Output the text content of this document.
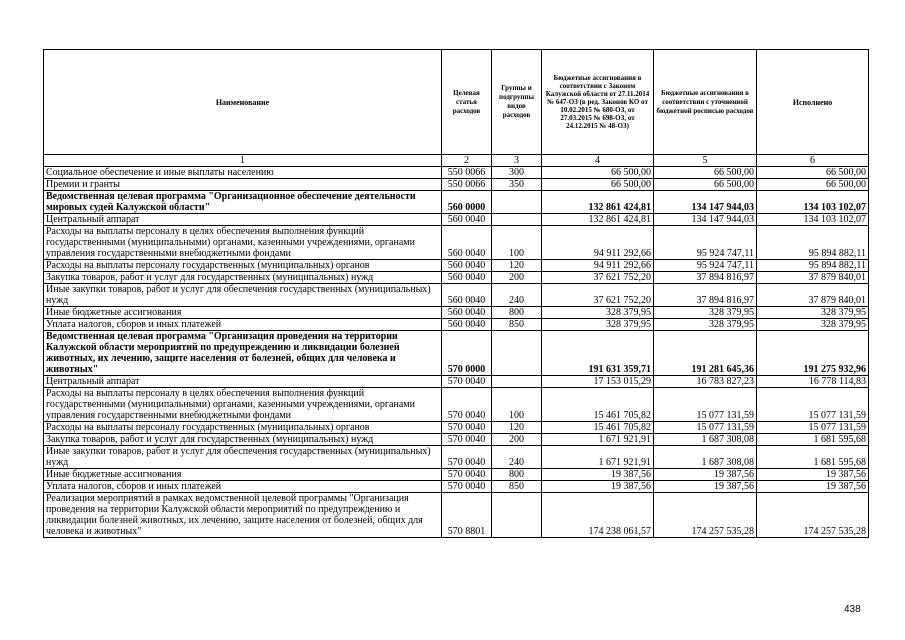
Наименование	Целевая статья расходов	Группы и подгруппы видов расходов	Бюджетные ассигнования в соответствии с Законом Калужской области от 27.11.2014 № 647-ОЗ (в ред. Законов КО от 10.02.2015 № 680-ОЗ, от 27.03.2015 № 698-ОЗ, от 24.12.2015 № 48-ОЗ)	Бюджетные ассигнования в соответствии с уточненной бюджетной росписью расходов	Исполнено
1	2	3	4	5	6
Социальное обеспечение и иные выплаты населению	550 0066	300	66 500,00	66 500,00	66 500,00
Премии и гранты	550 0066	350	66 500,00	66 500,00	66 500,00
Ведомственная целевая программа "Организационное обеспечение деятельности мировых судей Калужской области"	560 0000		132 861 424,81	134 147 944,03	134 103 102,07
Центральный аппарат	560 0040		132 861 424,81	134 147 944,03	134 103 102,07
Расходы на выплаты персоналу в целях обеспечения выполнения функций государственными (муниципальными) органами, казенными учреждениями, органами управления государственными внебюджетными фондами	560 0040	100	94 911 292,66	95 924 747,11	95 894 882,11
Расходы на выплаты персоналу государственных (муниципальных) органов	560 0040	120	94 911 292,66	95 924 747,11	95 894 882,11
Закупка товаров, работ и услуг для государственных (муниципальных) нужд	560 0040	200	37 621 752,20	37 894 816,97	37 879 840,01
Иные закупки товаров, работ и услуг для обеспечения государственных (муниципальных) нужд	560 0040	240	37 621 752,20	37 894 816,97	37 879 840,01
Иные бюджетные ассигнования	560 0040	800	328 379,95	328 379,95	328 379,95
Уплата налогов, сборов и иных платежей	560 0040	850	328 379,95	328 379,95	328 379,95
Ведомственная целевая программа "Организация проведения на территории Калужской области мероприятий по предупреждению и ликвидации болезней животных, их лечению, защите населения от болезней, общих для человека и животных"	570 0000		191 631 359,71	191 281 645,36	191 275 932,96
Центральный аппарат	570 0040		17 153 015,29	16 783 827,23	16 778 114,83
Расходы на выплаты персоналу в целях обеспечения выполнения функций государственными (муниципальными) органами, казенными учреждениями, органами управления государственными внебюджетными фондами	570 0040	100	15 461 705,82	15 077 131,59	15 077 131,59
Расходы на выплаты персоналу государственных (муниципальных) органов	570 0040	120	15 461 705,82	15 077 131,59	15 077 131,59
Закупка товаров, работ и услуг для государственных (муниципальных) нужд	570 0040	200	1 671 921,91	1 687 308,08	1 681 595,68
Иные закупки товаров, работ и услуг для обеспечения государственных (муниципальных) нужд	570 0040	240	1 671 921,91	1 687 308,08	1 681 595,68
Иные бюджетные ассигнования	570 0040	800	19 387,56	19 387,56	19 387,56
Уплата налогов, сборов и иных платежей	570 0040	850	19 387,56	19 387,56	19 387,56
Реализация мероприятий в рамках ведомственной целевой программы "Организация проведения на территории Калужской области мероприятий по предупреждению и ликвидации болезней животных, их лечению, защите населения от болезней, общих для человека и животных"	570 8801		174 238 061,57	174 257 535,28	174 257 535,28
438
